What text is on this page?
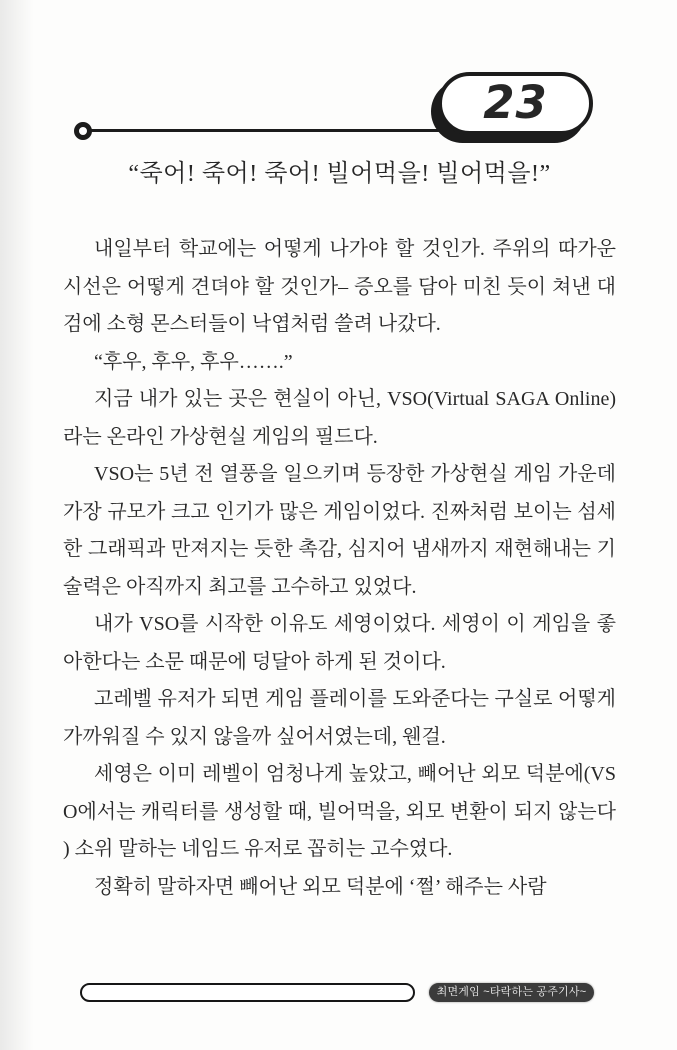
23
“죽어! 죽어! 죽어! 빌어먹을! 빌어먹을!”

내일부터 학교에는 어떻게 나가야 할 것인가. 주위의 따가운 시선은 어떻게 견뎌야 할 것인가– 증오를 담아 미친 듯이 쳐낸 대검에 소형 몬스터들이 낙엽처럼 쓸려 나갔다.

“후우, 후우, 후우…….”

지금 내가 있는 곳은 현실이 아닌, VSO(Virtual SAGA Online)라는 온라인 가상현실 게임의 필드다.

VSO는 5년 전 열풍을 일으키며 등장한 가상현실 게임 가운데 가장 규모가 크고 인기가 많은 게임이었다. 진짜처럼 보이는 섬세한 그래픽과 만져지는 듯한 촉감, 심지어 냄새까지 재현해내는 기술력은 아직까지 최고를 고수하고 있었다.

내가 VSO를 시작한 이유도 세영이었다. 세영이 이 게임을 좋아한다는 소문 때문에 덩달아 하게 된 것이다.

고레벨 유저가 되면 게임 플레이를 도와준다는 구실로 어떻게 가까워질 수 있지 않을까 싶어서였는데, 웬걸.

세영은 이미 레벨이 엄청나게 높았고, 빼어난 외모 덕분에(VSO에서는 캐릭터를 생성할 때, 빌어먹을, 외모 변환이 되지 않는다) 소위 말하는 네임드 유저로 꼽히는 고수였다.

정확히 말하자면 빼어난 외모 덕분에 ‘쩔’ 해주는 사람

최면게임 ~타락하는 공주기사~
